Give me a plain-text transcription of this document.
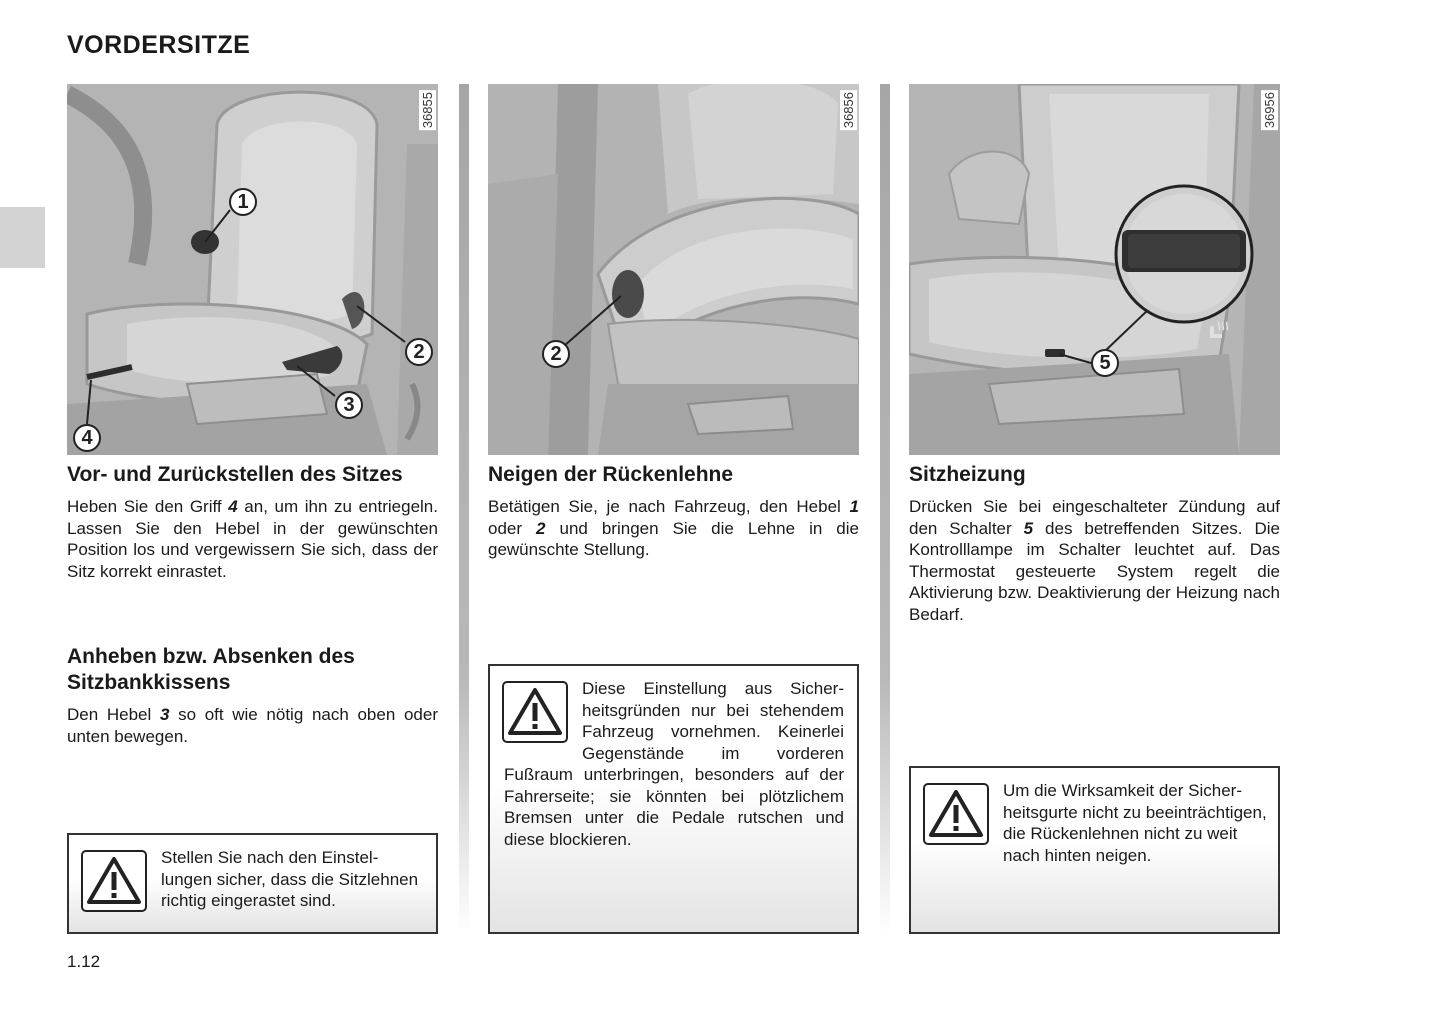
VORDERSITZE
36855
1
2
3
4
Vor- und Zurückstellen des Sitzes

Heben Sie den Griff 4 an, um ihn zu entriegeln. Lassen Sie den Hebel in der gewünschten Position los und vergewissern Sie sich, dass der Sitz korrekt einrastet.

Anheben bzw. Absenken des Sitzbankkissens

Den Hebel 3 so oft wie nötig nach oben oder unten bewegen.

Stellen Sie nach den Einstellungen sicher, dass die Sitzlehnen richtig eingerastet sind.

36856
2
Neigen der Rückenlehne

Betätigen Sie, je nach Fahrzeug, den Hebel 1 oder 2 und bringen Sie die Lehne in die gewünschte Stellung.

Diese Einstellung aus Sicherheitsgründen nur bei stehendem Fahrzeug vornehmen. Keinerlei Gegenstände im vorderen Fußraum unterbringen, besonders auf der Fahrerseite; sie könnten bei plötzlichem Bremsen unter die Pedale rutschen und diese blockieren.

36956
5
Sitzheizung

Drücken Sie bei eingeschalteter Zündung auf den Schalter 5 des betreffenden Sitzes. Die Kontrolllampe im Schalter leuchtet auf. Das Thermostat gesteuerte System regelt die Aktivierung bzw. Deaktivierung der Heizung nach Bedarf.

Um die Wirksamkeit der Sicherheitsgurte nicht zu beeinträchtigen, die Rückenlehnen nicht zu weit nach hinten neigen.

1.12
